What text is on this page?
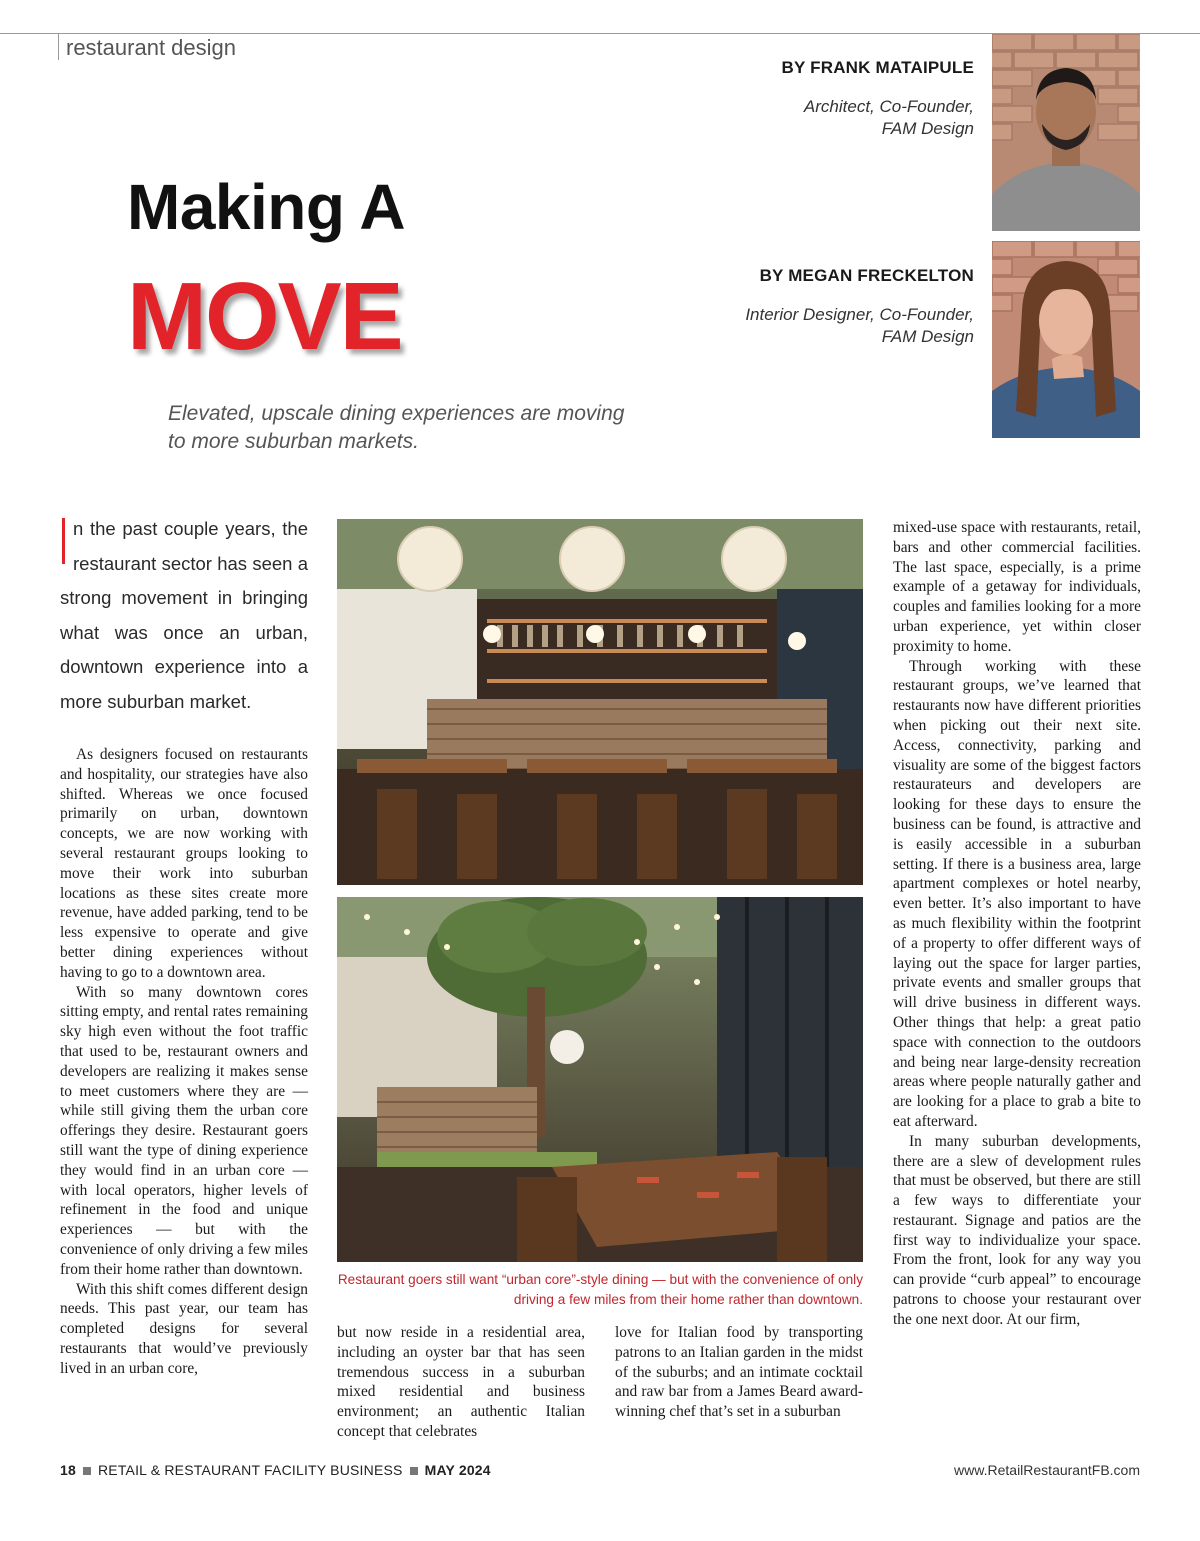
restaurant design
BY FRANK MATAIPULE
Architect, Co-Founder,
FAM Design
BY MEGAN FRECKELTON
Interior Designer, Co-Founder,
FAM Design
Making A
MOVE
Elevated, upscale dining experiences are moving to more suburban markets.
n the past couple years, the restaurant sector has seen a strong movement in bringing what was once an urban, downtown experience into a more suburban market.

As designers focused on restaurants and hospitality, our strategies have also shifted. Whereas we once focused primarily on urban, downtown concepts, we are now working with several restaurant groups looking to move their work into suburban locations as these sites create more revenue, have added parking, tend to be less expensive to operate and give better dining experiences without having to go to a downtown area.

With so many downtown cores sitting empty, and rental rates remaining sky high even without the foot traffic that used to be, restaurant owners and developers are realizing it makes sense to meet customers where they are — while still giving them the urban core offerings they desire. Restaurant goers still want the type of dining experience they would find in an urban core — with local operators, higher levels of refinement in the food and unique experiences — but with the convenience of only driving a few miles from their home rather than downtown.

With this shift comes different design needs. This past year, our team has completed designs for several restaurants that would’ve previously lived in an urban core,

Restaurant goers still want “urban core”-style dining — but with the convenience of only
driving a few miles from their home rather than downtown.

but now reside in a residential area, including an oyster bar that has seen tremendous success in a suburban mixed residential and business environment; an authentic Italian concept that celebrates

love for Italian food by transporting patrons to an Italian garden in the midst of the suburbs; and an intimate cocktail and raw bar from a James Beard award-winning chef that’s set in a suburban

mixed-use space with restaurants, retail, bars and other commercial facilities. The last space, especially, is a prime example of a getaway for individuals, couples and families looking for a more urban experience, yet within closer proximity to home.

Through working with these restaurant groups, we’ve learned that restaurants now have different priorities when picking out their next site. Access, connectivity, parking and visuality are some of the biggest factors restaurateurs and developers are looking for these days to ensure the business can be found, is attractive and is easily accessible in a suburban setting. If there is a business area, large apartment complexes or hotel nearby, even better. It’s also important to have as much flexibility within the footprint of a property to offer different ways of laying out the space for larger parties, private events and smaller groups that will drive business in different ways. Other things that help: a great patio space with connection to the outdoors and being near large-density recreation areas where people naturally gather and are looking for a place to grab a bite to eat afterward.

In many suburban developments, there are a slew of development rules that must be observed, but there are still a few ways to differentiate your restaurant. Signage and patios are the first way to individualize your space. From the front, look for any way you can provide “curb appeal” to encourage patrons to choose your restaurant over the one next door. At our firm,

18 RETAIL & RESTAURANT FACILITY BUSINESS MAY 2024	www.RetailRestaurantFB.com
